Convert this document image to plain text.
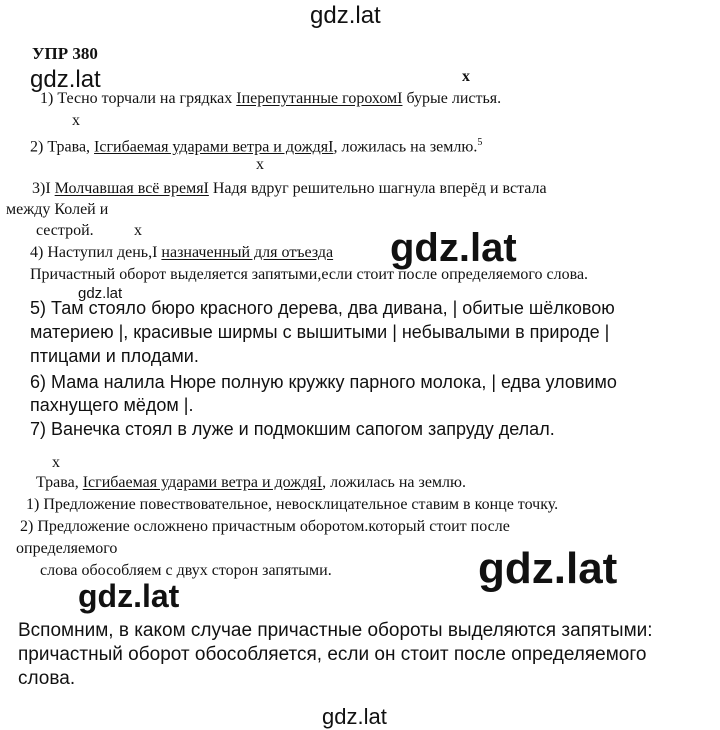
gdz.lat
УПР 380
gdz.lat	x
1) Тесно торчали на грядках Iперепутанные горохомI бурые листья.
x
2) Трава, Iсгибаемая ударами ветра и дождяI, ложилась на землю.$^5$
x
3)I Молчавшая всё времяI Надя вдруг решительно шагнула вперёд и встала
между Колей и
x
сестрой.
4) Наступил день,I назначенный для отъезда
Причастный оборот выделяется запятыми,если стоит после определяемого слова.
gdz.lat
gdz.lat
5) Там стояло бюро красного дерева, два дивана, | обитые шёлковою
материею |, красивые ширмы с вышитыми | небывалыми в природе |
птицами и плодами.
6) Мама налила Нюре полную кружку парного молока, | едва уловимо
пахнущего мёдом |.
7) Ванечка стоял в луже и подмокшим сапогом запруду делал.
x
Трава, Iсгибаемая ударами ветра и дождяI, ложилась на землю.
1) Предложение повествовательное, невосклицательное ставим в конце точку.
2) Предложение осложнено причастным оборотом.который стоит после
определяемого
слова обособляем с двух сторон запятыми.	gdz.lat
gdz.lat
Вспомним, в каком случае причастные обороты выделяются запятыми:
причастный оборот обособляется, если он стоит после определяемого
слова.
gdz.lat
